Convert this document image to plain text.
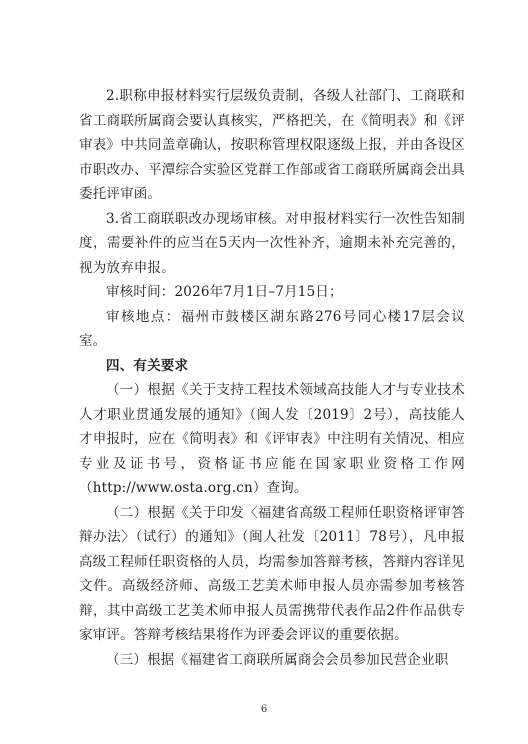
2.职称申报材料实行层级负责制，各级人社部门、工商联和省工商联所属商会要认真核实，严格把关，在《简明表》和《评审表》中共同盖章确认，按职称管理权限逐级上报，并由各设区市职改办、平潭综合实验区党群工作部或省工商联所属商会出具委托评审函。

3.省工商联职改办现场审核。对申报材料实行一次性告知制度，需要补件的应当在5天内一次性补齐，逾期未补充完善的，视为放弃申报。

审核时间：2026年7月1日–7月15日；

审核地点：福州市鼓楼区湖东路276号同心楼17层会议室。

四、有关要求

（一）根据《关于支持工程技术领域高技能人才与专业技术人才职业贯通发展的通知》（闽人发〔2019〕2号），高技能人才申报时，应在《简明表》和《评审表》中注明有关情况、相应专业及证书号，资格证书应能在国家职业资格工作网（http://www.osta.org.cn）查询。

（二）根据《关于印发〈福建省高级工程师任职资格评审答辩办法〉（试行）的通知》（闽人社发〔2011〕78号），凡申报高级工程师任职资格的人员，均需参加答辩考核，答辩内容详见文件。高级经济师、高级工艺美术师申报人员亦需参加考核答辩，其中高级工艺美术师申报人员需携带代表作品2件作品供专家审评。答辩考核结果将作为评委会评议的重要依据。

（三）根据《福建省工商联所属商会会员参加民营企业职

6
